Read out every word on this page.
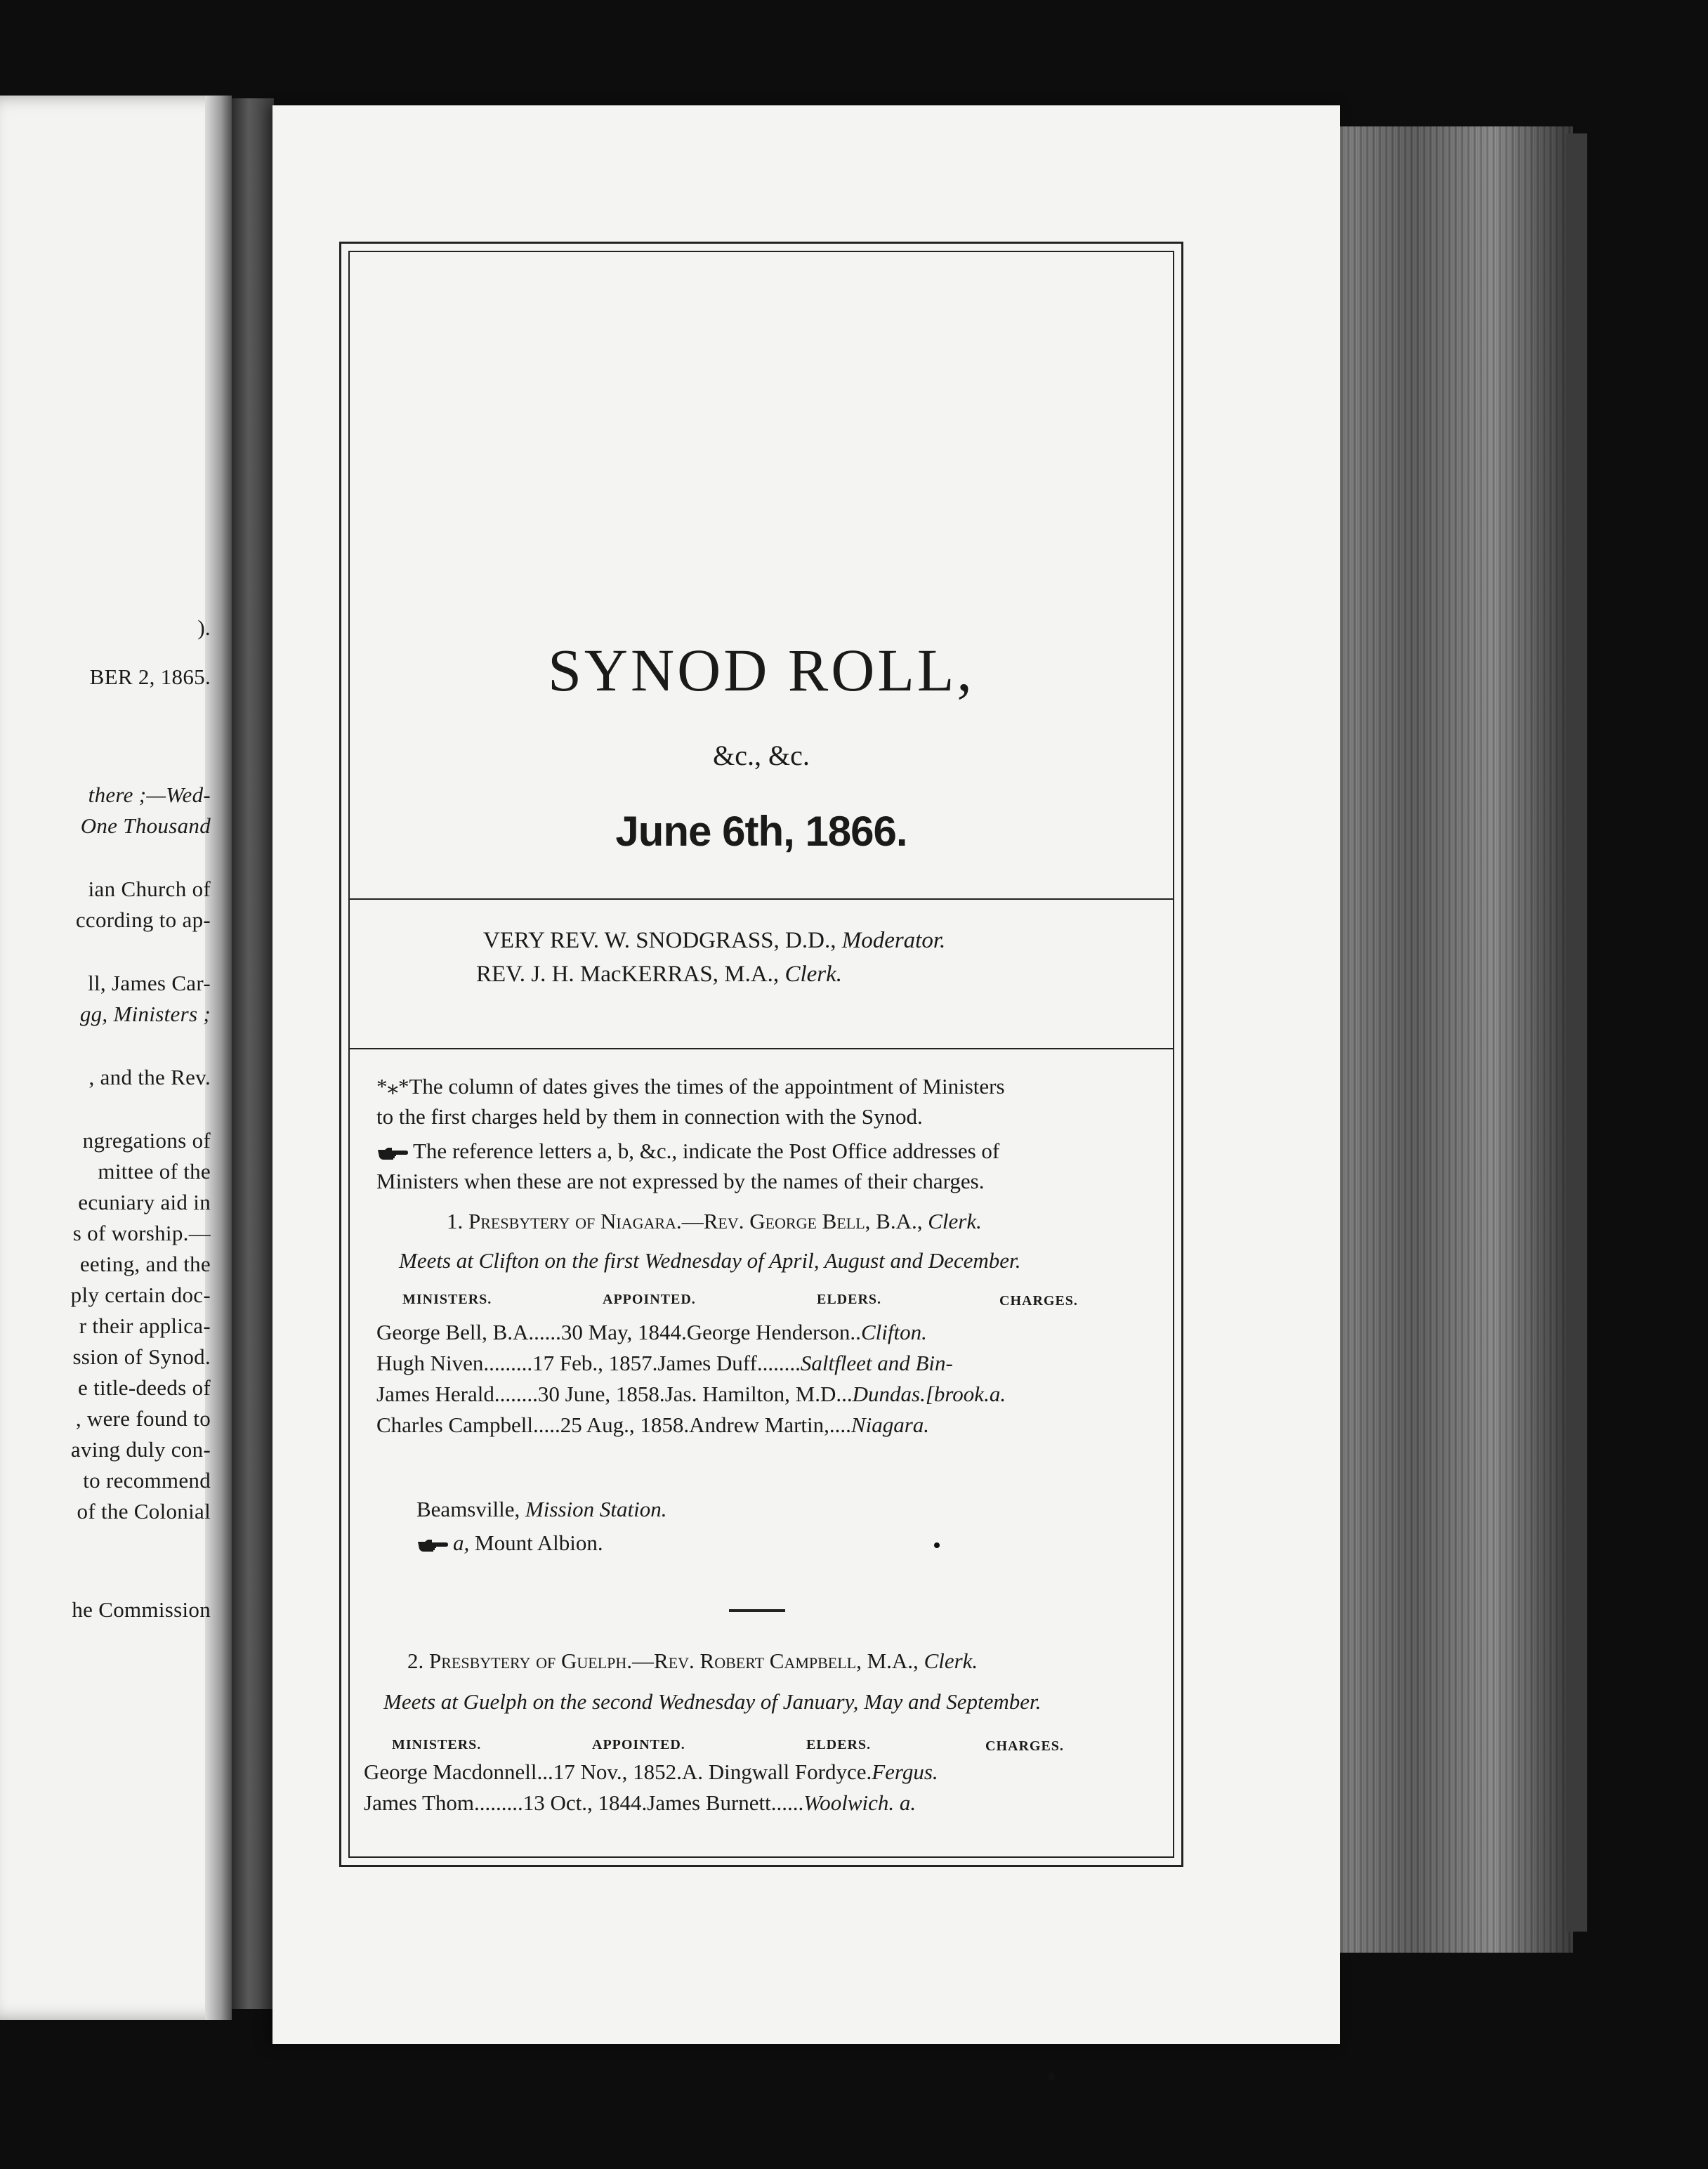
).
BER 2, 1865.
there ;—Wed-
One Thousand
ian Church of
ccording to ap-
ll, James Car-
gg, Ministers ;
, and the Rev.
ngregations of
mittee of the
ecuniary aid in
s of worship.—
eeting, and the
ply certain doc-
r their applica-
ssion of Synod.
e title-deeds of
, were found to
aving duly con-
to recommend
of the Colonial
he Commission
SYNOD ROLL,
&c., &c.
June 6th, 1866.
VERY REV. W. SNODGRASS, D.D., Moderator.
REV. J. H. MacKERRAS, M.A., Clerk.
*⁎*The column of dates gives the times of the appointment of Ministers
to the first charges held by them in connection with the Synod.
The reference letters a, b, &c., indicate the Post Office addresses of
Ministers when these are not expressed by the names of their charges.
1. Presbytery of Niagara.—Rev. George Bell, B.A., Clerk.
Meets at Clifton on the first Wednesday of April, August and December.
MINISTERS.	APPOINTED.	ELDERS.	CHARGES.
George Bell, B.A......30 May, 1844.George Henderson..Clifton.
Hugh Niven.........17 Feb., 1857.James Duff........Saltfleet and Bin-
James Herald........30 June, 1858.Jas. Hamilton, M.D...Dundas.[brook.a.
Charles Campbell.....25 Aug., 1858.Andrew Martin,....Niagara.
Beamsville, Mission Station.
a, Mount Albion.
2. Presbytery of Guelph.—Rev. Robert Campbell, M.A., Clerk.
Meets at Guelph on the second Wednesday of January, May and September.
MINISTERS.	APPOINTED.	ELDERS.	CHARGES.
George Macdonnell...17 Nov., 1852.A. Dingwall Fordyce.Fergus.
James Thom.........13 Oct., 1844.James Burnett......Woolwich. a.
